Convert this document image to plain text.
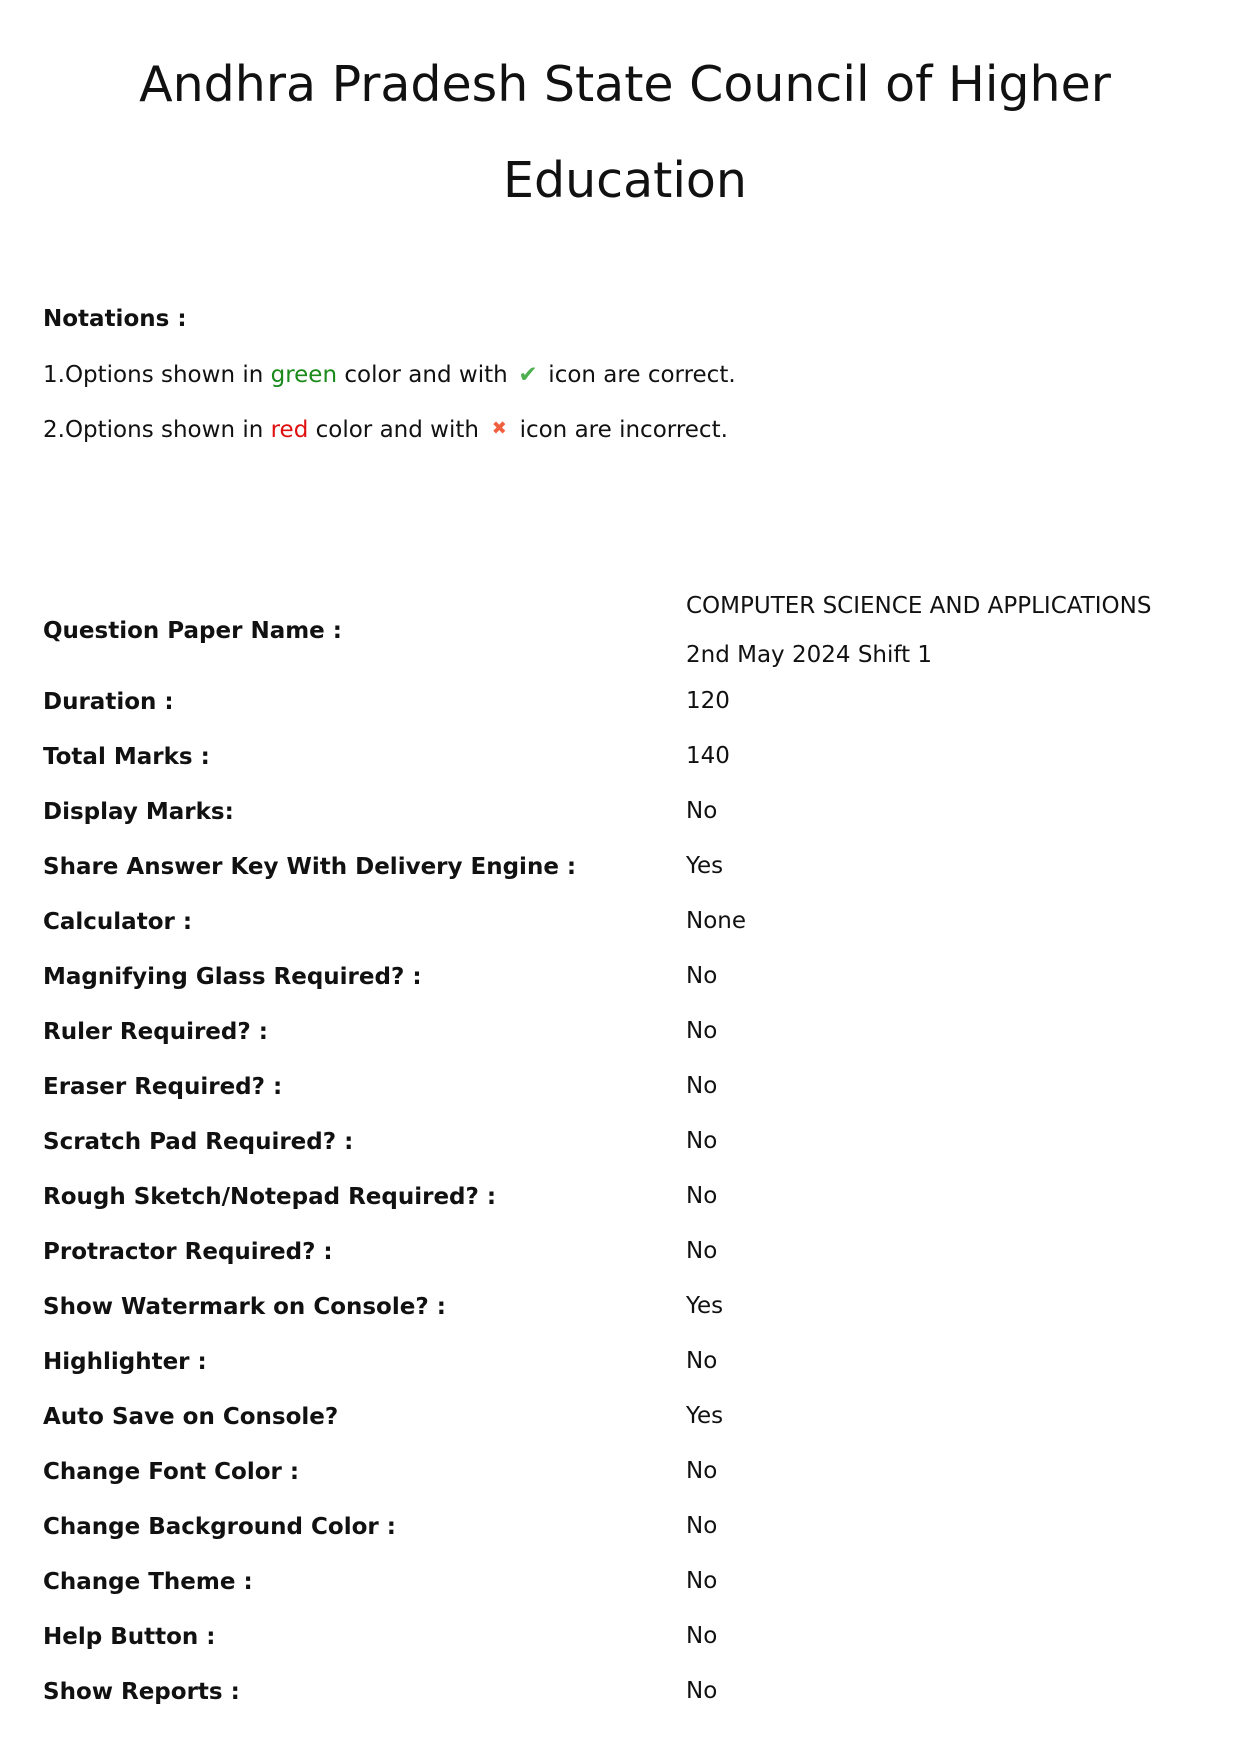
Andhra Pradesh State Council of Higher
Education
Notations :
1.Options shown in green color and with ✔ icon are correct.
2.Options shown in red color and with ✖ icon are incorrect.
Question Paper Name :
COMPUTER SCIENCE AND APPLICATIONS
2nd May 2024 Shift 1
Duration :	120
Total Marks :	140
Display Marks:	No
Share Answer Key With Delivery Engine :	Yes
Calculator :	None
Magnifying Glass Required? :	No
Ruler Required? :	No
Eraser Required? :	No
Scratch Pad Required? :	No
Rough Sketch/Notepad Required? :	No
Protractor Required? :	No
Show Watermark on Console? :	Yes
Highlighter :	No
Auto Save on Console?	Yes
Change Font Color :	No
Change Background Color :	No
Change Theme :	No
Help Button :	No
Show Reports :	No
